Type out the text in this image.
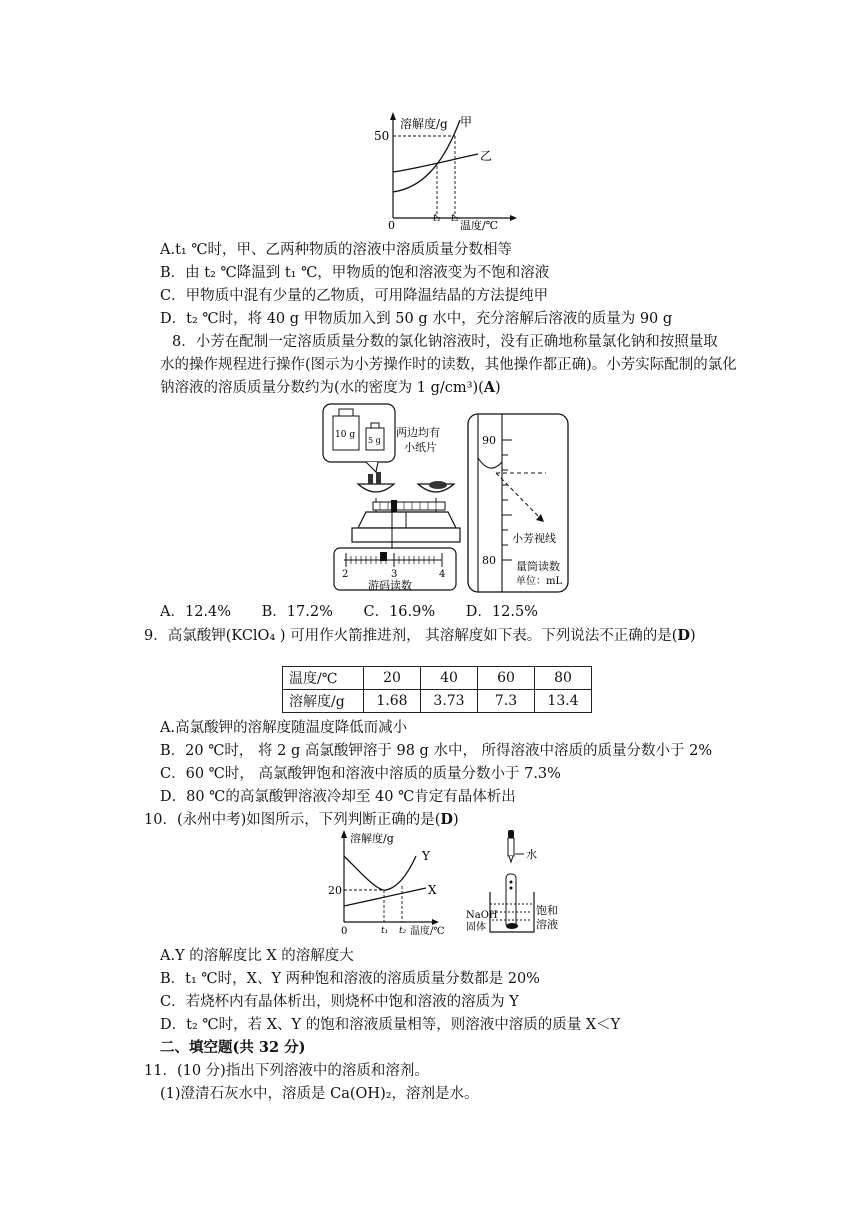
溶解度/g
50
0
甲
乙
t₁ t₂
温度/℃
A.t₁ ℃时，甲、乙两种物质的溶液中溶质质量分数相等
B．由 t₂ ℃降温到 t₁ ℃，甲物质的饱和溶液变为不饱和溶液
C．甲物质中混有少量的乙物质，可用降温结晶的方法提纯甲
D．t₂ ℃时，将 40 g 甲物质加入到 50 g 水中，充分溶解后溶液的质量为 90 g
8．小芳在配制一定溶质质量分数的氯化钠溶液时，没有正确地称量氯化钠和按照量取
水的操作规程进行操作(图示为小芳操作时的读数，其他操作都正确)。小芳实际配制的氯化
钠溶液的溶质质量分数约为(水的密度为 1 g/cm³)(A)
10 g
5 g
两边均有
小纸片
2	3	4
游码读数
90
80
小芳视线
量筒读数
单位：mL
A．12.4% B．17.2% C．16.9% D．12.5%
9．高氯酸钾(KClO₄ ) 可用作火箭推进剂， 其溶解度如下表。下列说法不正确的是(D)
温度/℃	20	40	60	80
溶解度/g	1.68	3.73	7.3	13.4
A.高氯酸钾的溶解度随温度降低而减小
B．20 ℃时， 将 2 g 高氯酸钾溶于 98 g 水中， 所得溶液中溶质的质量分数小于 2%
C．60 ℃时， 高氯酸钾饱和溶液中溶质的质量分数小于 7.3%
D．80 ℃的高氯酸钾溶液冷却至 40 ℃肯定有晶体析出
10．(永州中考)如图所示，下列判断正确的是(D)
溶解度/g
20
0
Y
X
t₁ t₂ 温度/℃
水
NaOH
固体
饱和
溶液
A.Y 的溶解度比 X 的溶解度大
B．t₁ ℃时，X、Y 两种饱和溶液的溶质质量分数都是 20%
C．若烧杯内有晶体析出，则烧杯中饱和溶液的溶质为 Y
D．t₂ ℃时，若 X、Y 的饱和溶液质量相等，则溶液中溶质的质量 X＜Y
二、填空题(共 32 分)
11．(10 分)指出下列溶液中的溶质和溶剂。
(1)澄清石灰水中，溶质是 Ca(OH)₂，溶剂是水。
